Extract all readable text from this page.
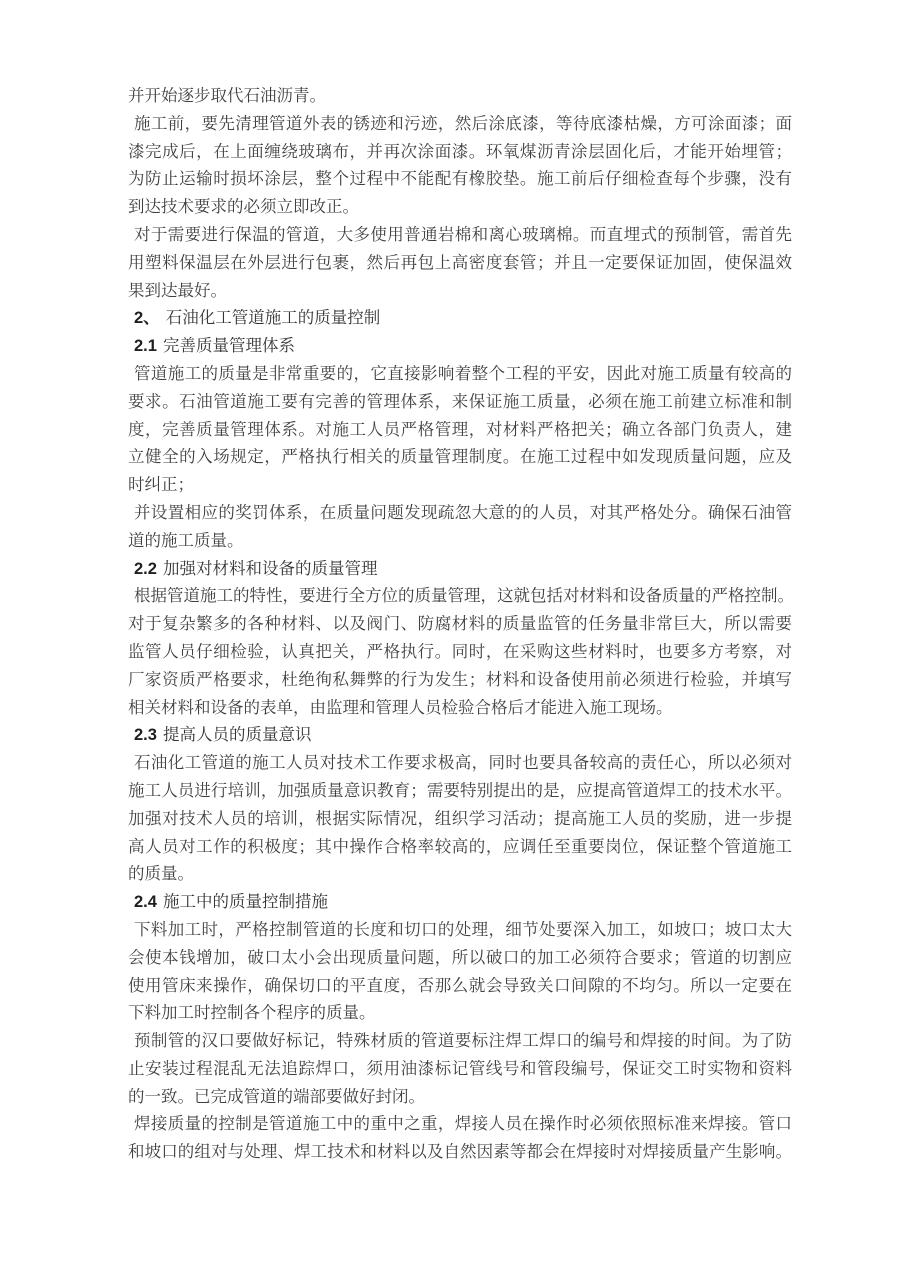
并开始逐步取代石油沥青。

施工前，要先清理管道外表的锈迹和污迹，然后涂底漆，等待底漆枯燥，方可涂面漆；面
漆完成后，在上面缠绕玻璃布，并再次涂面漆。环氧煤沥青涂层固化后，才能开始埋管；
为防止运输时损坏涂层，整个过程中不能配有橡胶垫。施工前后仔细检查每个步骤，没有
到达技术要求的必须立即改正。

对于需要进行保温的管道，大多使用普通岩棉和离心玻璃棉。而直埋式的预制管，需首先
用塑料保温层在外层进行包裹，然后再包上高密度套管；并且一定要保证加固，使保温效
果到达最好。

2、 石油化工管道施工的质量控制

2.1 完善质量管理体系

管道施工的质量是非常重要的，它直接影响着整个工程的平安，因此对施工质量有较高的
要求。石油管道施工要有完善的管理体系，来保证施工质量，必须在施工前建立标准和制
度，完善质量管理体系。对施工人员严格管理，对材料严格把关；确立各部门负责人，建
立健全的入场规定，严格执行相关的质量管理制度。在施工过程中如发现质量问题，应及
时纠正；

并设置相应的奖罚体系，在质量问题发现疏忽大意的的人员，对其严格处分。确保石油管
道的施工质量。

2.2 加强对材料和设备的质量管理

根据管道施工的特性，要进行全方位的质量管理，这就包括对材料和设备质量的严格控制。
对于复杂繁多的各种材料、以及阀门、防腐材料的质量监管的任务量非常巨大，所以需要
监管人员仔细检验，认真把关，严格执行。同时，在采购这些材料时，也要多方考察，对
厂家资质严格要求，杜绝徇私舞弊的行为发生；材料和设备使用前必须进行检验，并填写
相关材料和设备的表单，由监理和管理人员检验合格后才能进入施工现场。

2.3 提高人员的质量意识

石油化工管道的施工人员对技术工作要求极高，同时也要具备较高的责任心，所以必须对
施工人员进行培训，加强质量意识教育；需要特别提出的是，应提高管道焊工的技术水平。
加强对技术人员的培训，根据实际情况，组织学习活动；提高施工人员的奖励，进一步提
高人员对工作的积极度；其中操作合格率较高的，应调任至重要岗位，保证整个管道施工
的质量。

2.4 施工中的质量控制措施

下料加工时，严格控制管道的长度和切口的处理，细节处要深入加工，如坡口；坡口太大
会使本钱增加，破口太小会出现质量问题，所以破口的加工必须符合要求；管道的切割应
使用管床来操作，确保切口的平直度，否那么就会导致关口间隙的不均匀。所以一定要在
下料加工时控制各个程序的质量。

预制管的汉口要做好标记，特殊材质的管道要标注焊工焊口的编号和焊接的时间。为了防
止安装过程混乱无法追踪焊口，须用油漆标记管线号和管段编号，保证交工时实物和资料
的一致。已完成管道的端部要做好封闭。

焊接质量的控制是管道施工中的重中之重，焊接人员在操作时必须依照标准来焊接。管口
和坡口的组对与处理、焊工技术和材料以及自然因素等都会在焊接时对焊接质量产生影响。
